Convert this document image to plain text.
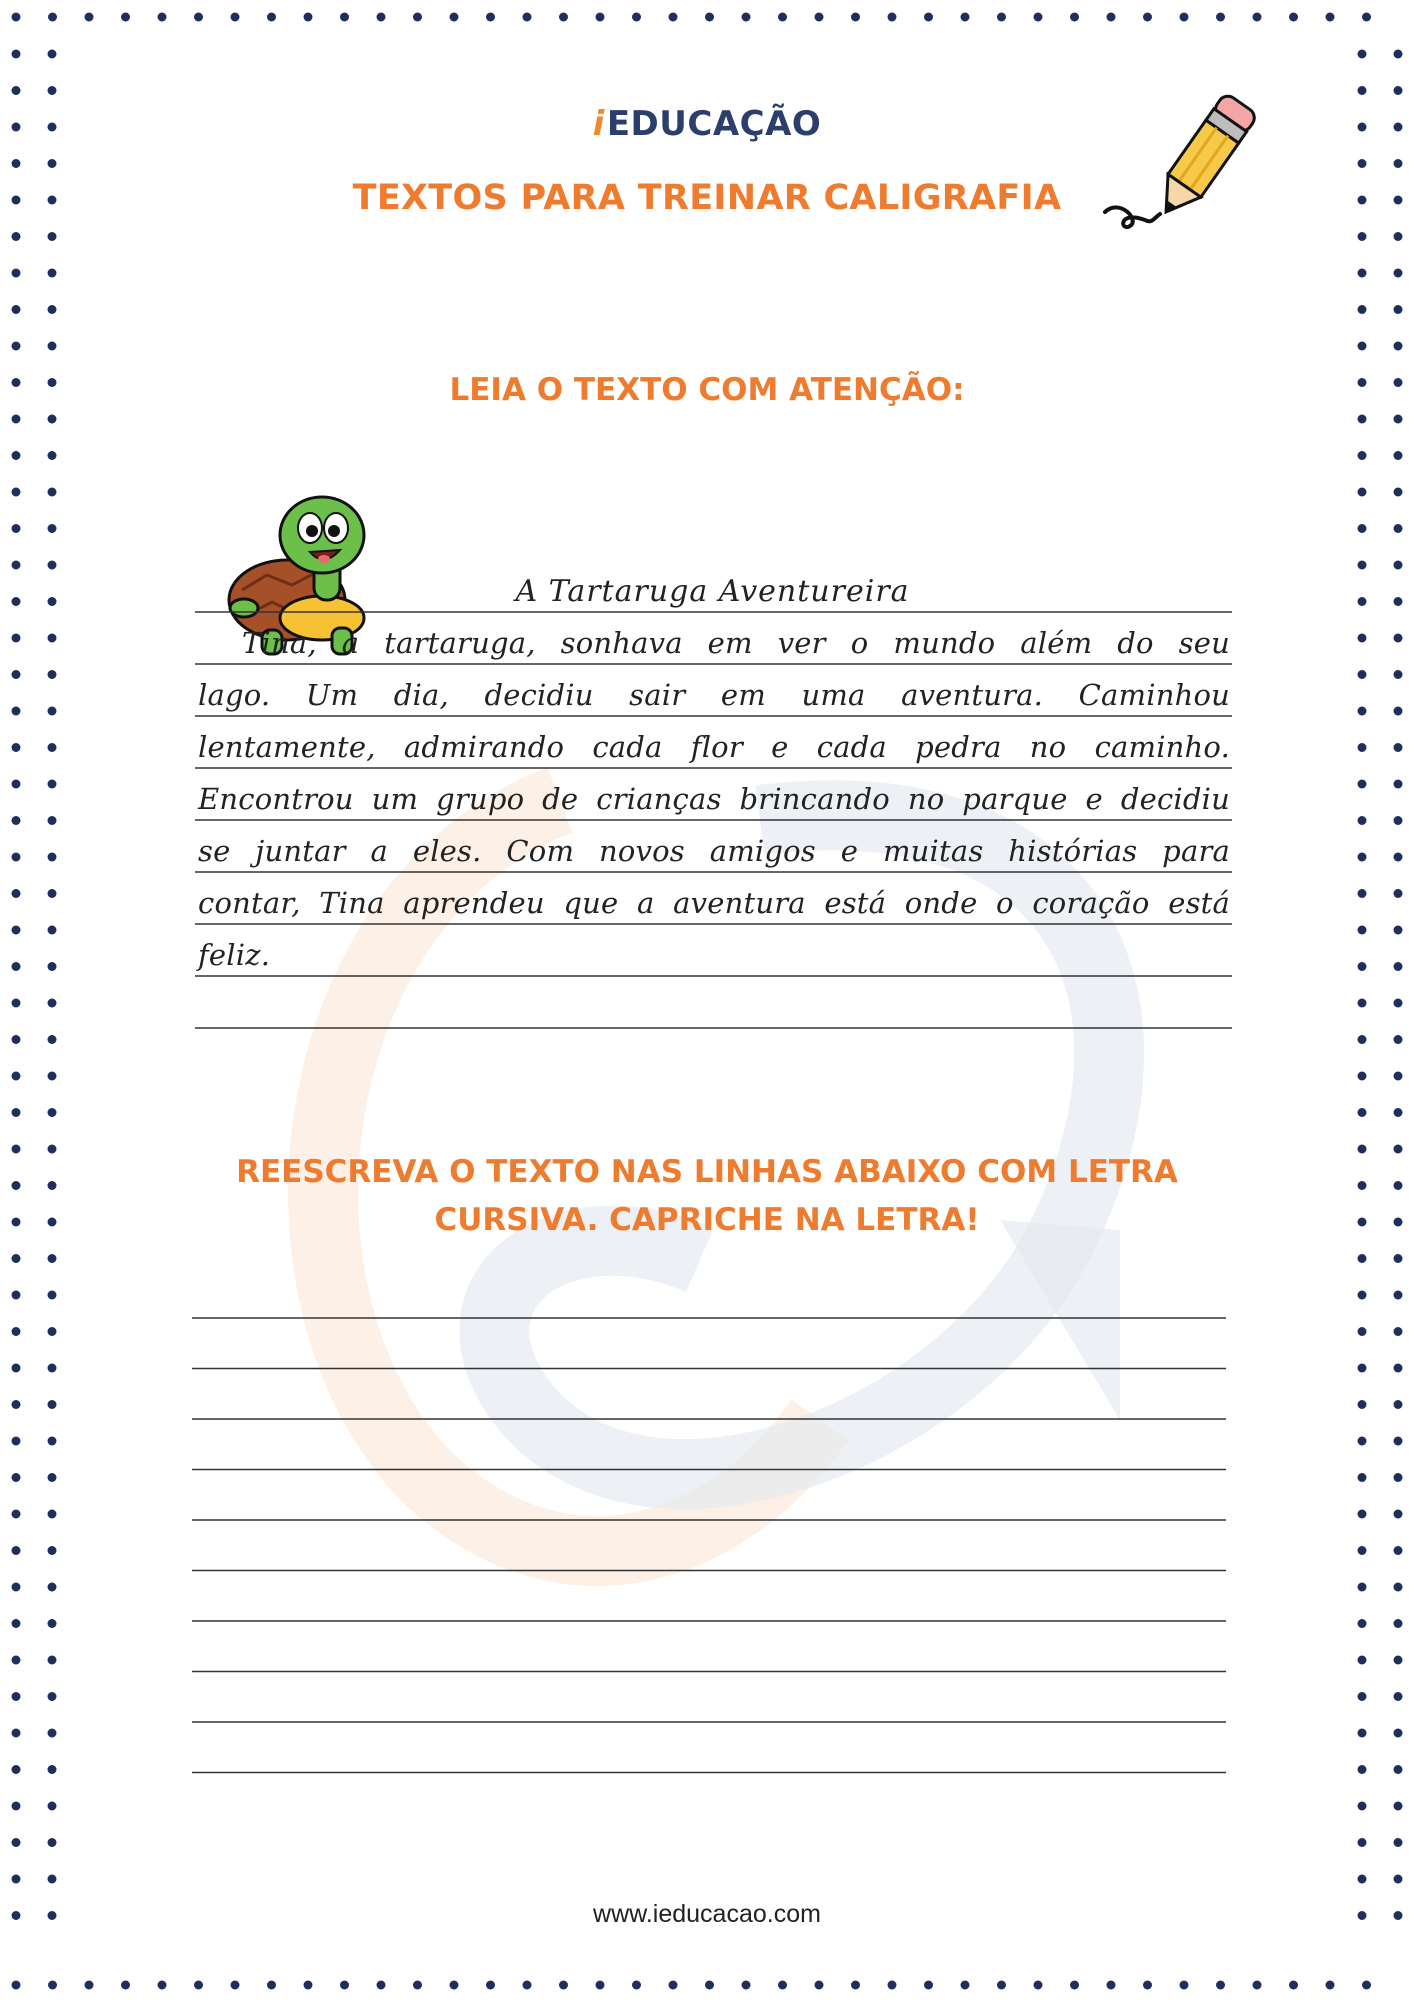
iEDUCAÇÃO
TEXTOS PARA TREINAR CALIGRAFIA
LEIA O TEXTO COM ATENÇÃO:
A Tartaruga Aventureira
Tina, a tartaruga, sonhava em ver o mundo além do seu
lago. Um dia, decidiu sair em uma aventura. Caminhou
lentamente, admirando cada flor e cada pedra no caminho.
Encontrou um grupo de crianças brincando no parque e decidiu
se juntar a eles. Com novos amigos e muitas histórias para
contar, Tina aprendeu que a aventura está onde o coração está
feliz.
REESCREVA O TEXTO NAS LINHAS ABAIXO COM LETRA
CURSIVA. CAPRICHE NA LETRA!
www.ieducacao.com
